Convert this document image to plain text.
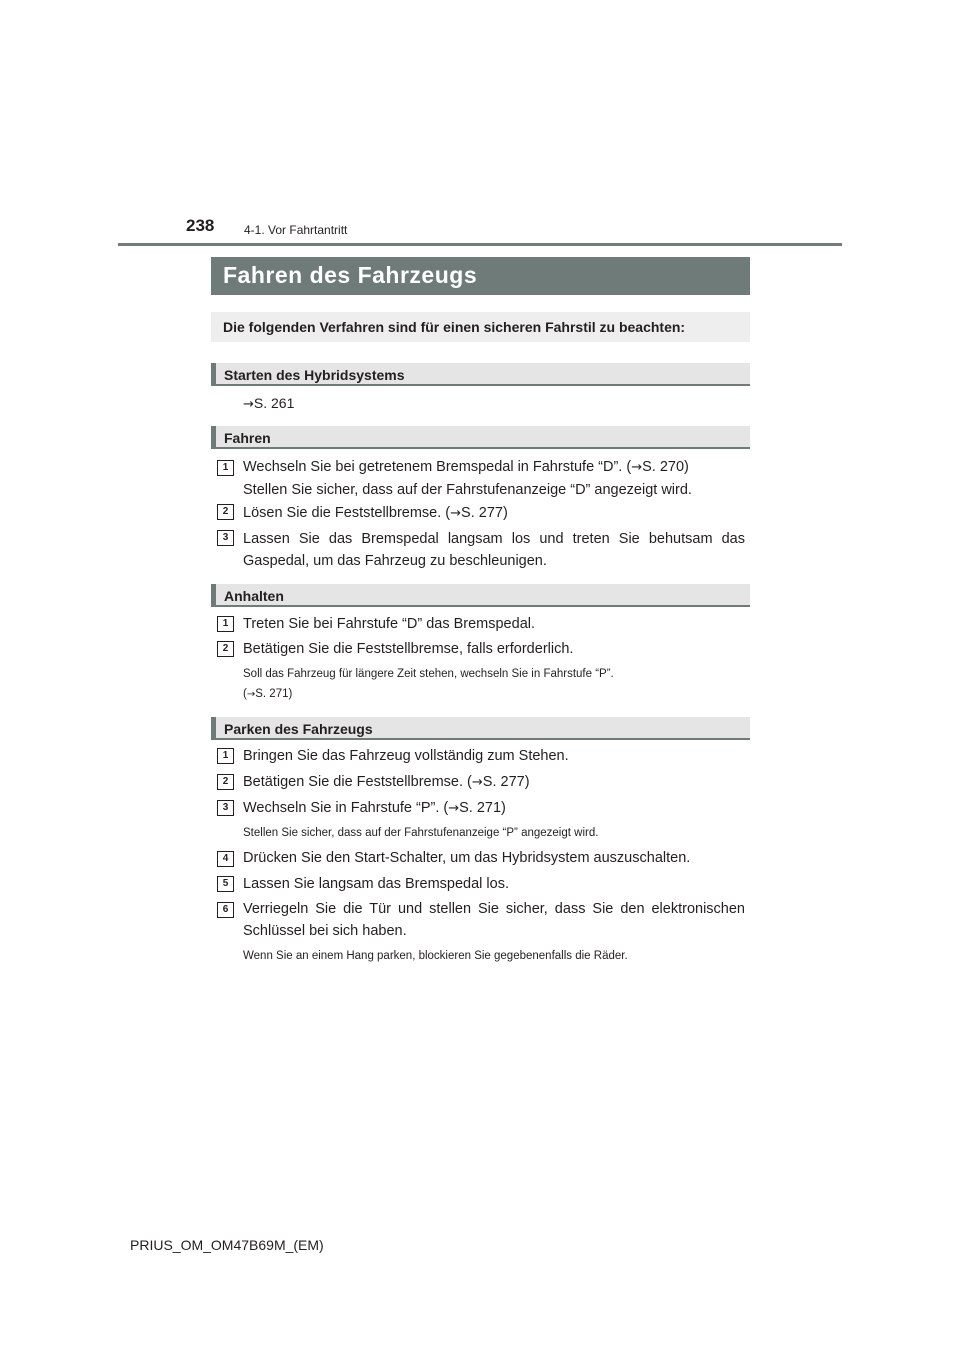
238 4-1. Vor Fahrtantritt
Fahren des Fahrzeugs
Die folgenden Verfahren sind für einen sicheren Fahrstil zu beachten:
Starten des Hybridsystems
→S. 261
Fahren
1	Wechseln Sie bei getretenem Bremspedal in Fahrstufe “D”. (→S. 270)
Stellen Sie sicher, dass auf der Fahrstufenanzeige “D” angezeigt wird.
2	Lösen Sie die Feststellbremse. (→S. 277)
3	Lassen Sie das Bremspedal langsam los und treten Sie behutsam das Gaspedal, um das Fahrzeug zu beschleunigen.
Anhalten
1	Treten Sie bei Fahrstufe “D” das Bremspedal.
2	Betätigen Sie die Feststellbremse, falls erforderlich.
Soll das Fahrzeug für längere Zeit stehen, wechseln Sie in Fahrstufe “P”.
(→S. 271)
Parken des Fahrzeugs
1	Bringen Sie das Fahrzeug vollständig zum Stehen.
2	Betätigen Sie die Feststellbremse. (→S. 277)
3	Wechseln Sie in Fahrstufe “P”. (→S. 271)
Stellen Sie sicher, dass auf der Fahrstufenanzeige “P” angezeigt wird.
4	Drücken Sie den Start-Schalter, um das Hybridsystem auszuschalten.
5	Lassen Sie langsam das Bremspedal los.
6	Verriegeln Sie die Tür und stellen Sie sicher, dass Sie den elektronischen Schlüssel bei sich haben.
Wenn Sie an einem Hang parken, blockieren Sie gegebenenfalls die Räder.
PRIUS_OM_OM47B69M_(EM)
